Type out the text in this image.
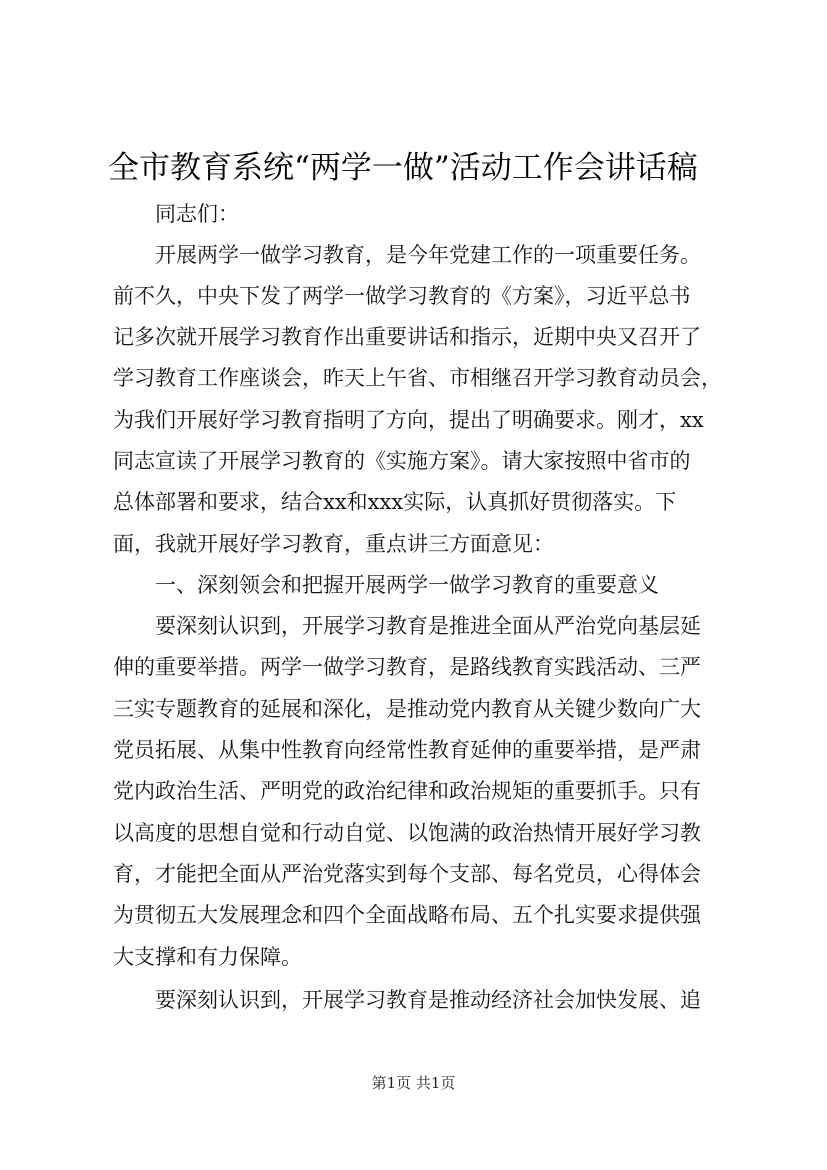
全市教育系统“两学一做”活动工作会讲话稿
同志们：
开展两学一做学习教育，是今年党建工作的一项重要任务。
前不久，中央下发了两学一做学习教育的《方案》，习近平总书
记多次就开展学习教育作出重要讲话和指示，近期中央又召开了
学习教育工作座谈会，昨天上午省、市相继召开学习教育动员会，
为我们开展好学习教育指明了方向，提出了明确要求。刚才，xx
同志宣读了开展学习教育的《实施方案》。请大家按照中省市的
总体部署和要求，结合xx和xxx实际，认真抓好贯彻落实。下
面，我就开展好学习教育，重点讲三方面意见：
一、深刻领会和把握开展两学一做学习教育的重要意义
要深刻认识到，开展学习教育是推进全面从严治党向基层延
伸的重要举措。两学一做学习教育，是路线教育实践活动、三严
三实专题教育的延展和深化，是推动党内教育从关键少数向广大
党员拓展、从集中性教育向经常性教育延伸的重要举措，是严肃
党内政治生活、严明党的政治纪律和政治规矩的重要抓手。只有
以高度的思想自觉和行动自觉、以饱满的政治热情开展好学习教
育，才能把全面从严治党落实到每个支部、每名党员，心得体会
为贯彻五大发展理念和四个全面战略布局、五个扎实要求提供强
大支撑和有力保障。
要深刻认识到，开展学习教育是推动经济社会加快发展、追
第1页 共1页
